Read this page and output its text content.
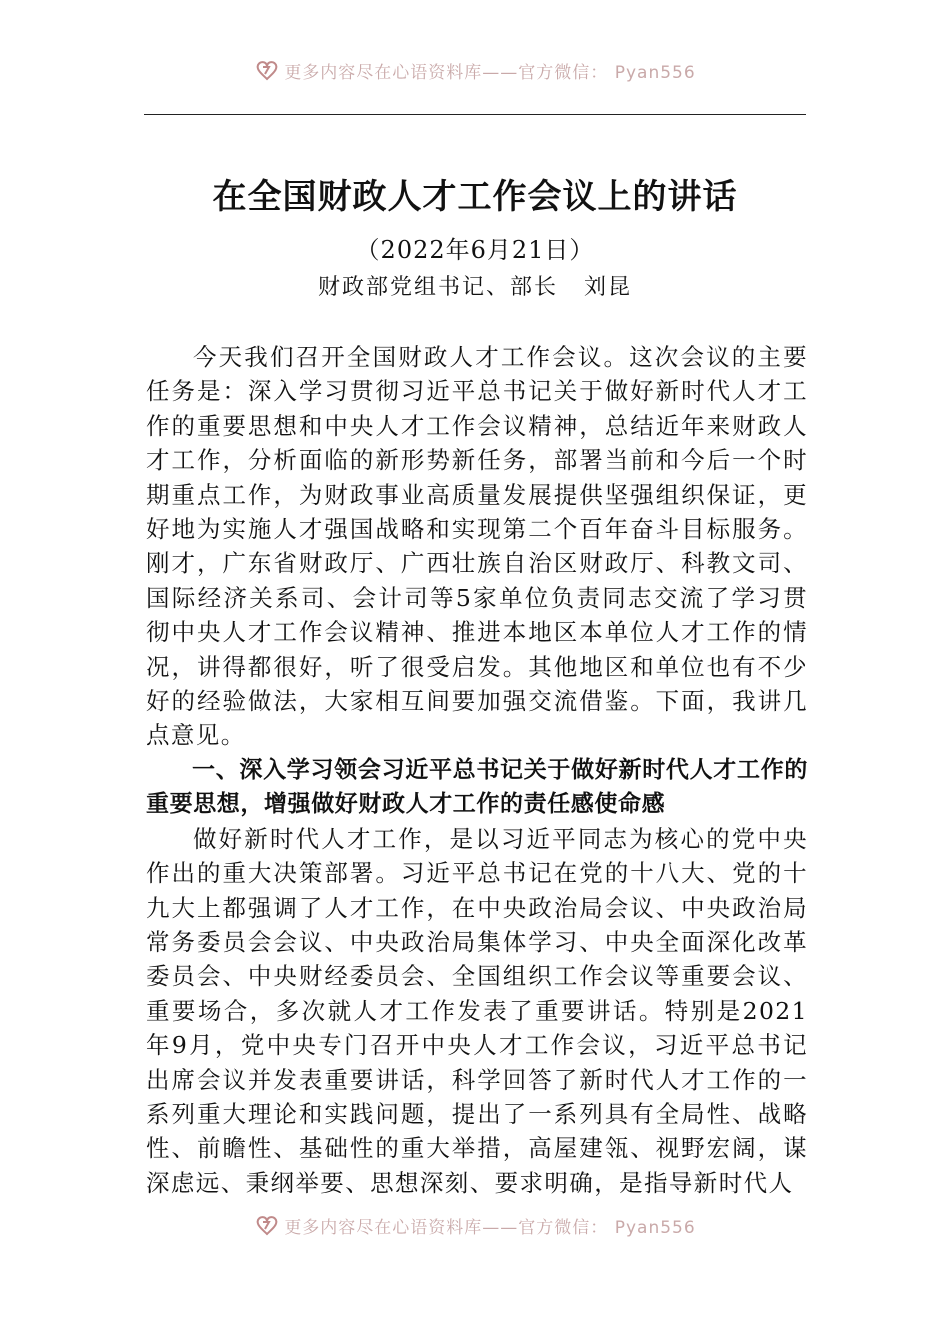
更多内容尽在心语资料库——官方微信： Pyan556
在全国财政人才工作会议上的讲话
（2022年6月21日）
财政部党组书记、部长 刘昆

今天我们召开全国财政人才工作会议。这次会议的主要任务是：深入学习贯彻习近平总书记关于做好新时代人才工作的重要思想和中央人才工作会议精神，总结近年来财政人才工作，分析面临的新形势新任务，部署当前和今后一个时期重点工作，为财政事业高质量发展提供坚强组织保证，更好地为实施人才强国战略和实现第二个百年奋斗目标服务。刚才，广东省财政厅、广西壮族自治区财政厅、科教文司、国际经济关系司、会计司等5家单位负责同志交流了学习贯彻中央人才工作会议精神、推进本地区本单位人才工作的情况，讲得都很好，听了很受启发。其他地区和单位也有不少好的经验做法，大家相互间要加强交流借鉴。下面，我讲几点意见。

一、深入学习领会习近平总书记关于做好新时代人才工作的重要思想，增强做好财政人才工作的责任感使命感

做好新时代人才工作，是以习近平同志为核心的党中央作出的重大决策部署。习近平总书记在党的十八大、党的十九大上都强调了人才工作，在中央政治局会议、中央政治局常务委员会会议、中央政治局集体学习、中央全面深化改革委员会、中央财经委员会、全国组织工作会议等重要会议、重要场合，多次就人才工作发表了重要讲话。特别是2021年9月，党中央专门召开中央人才工作会议，习近平总书记出席会议并发表重要讲话，科学回答了新时代人才工作的一系列重大理论和实践问题，提出了一系列具有全局性、战略性、前瞻性、基础性的重大举措，高屋建瓴、视野宏阔，谋深虑远、秉纲举要、思想深刻、要求明确，是指导新时代人

更多内容尽在心语资料库——官方微信： Pyan556
